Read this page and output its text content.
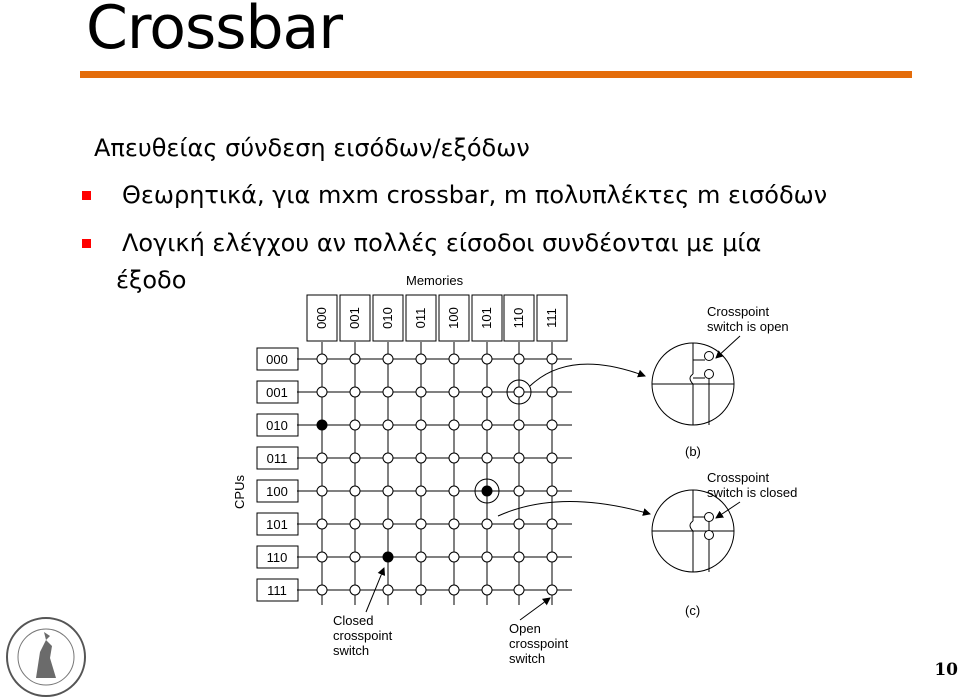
Crossbar
Απευθείας σύνδεση εισόδων/εξόδων
Θεωρητικά, για mxm crossbar, m πολυπλέκτες m εισόδων
Λογική ελέγχου αν πολλές είσοδοι συνδέονται με μία
έξοδο	Memories
000 001 010 011 100 101 110 111
CPUs
000
001
010
011
100
101
110
111
Crosspoint
switch is open
(b)
Crosspoint
switch is closed
(c)
Closed
crosspoint
switch
Open
crosspoint
switch
10
